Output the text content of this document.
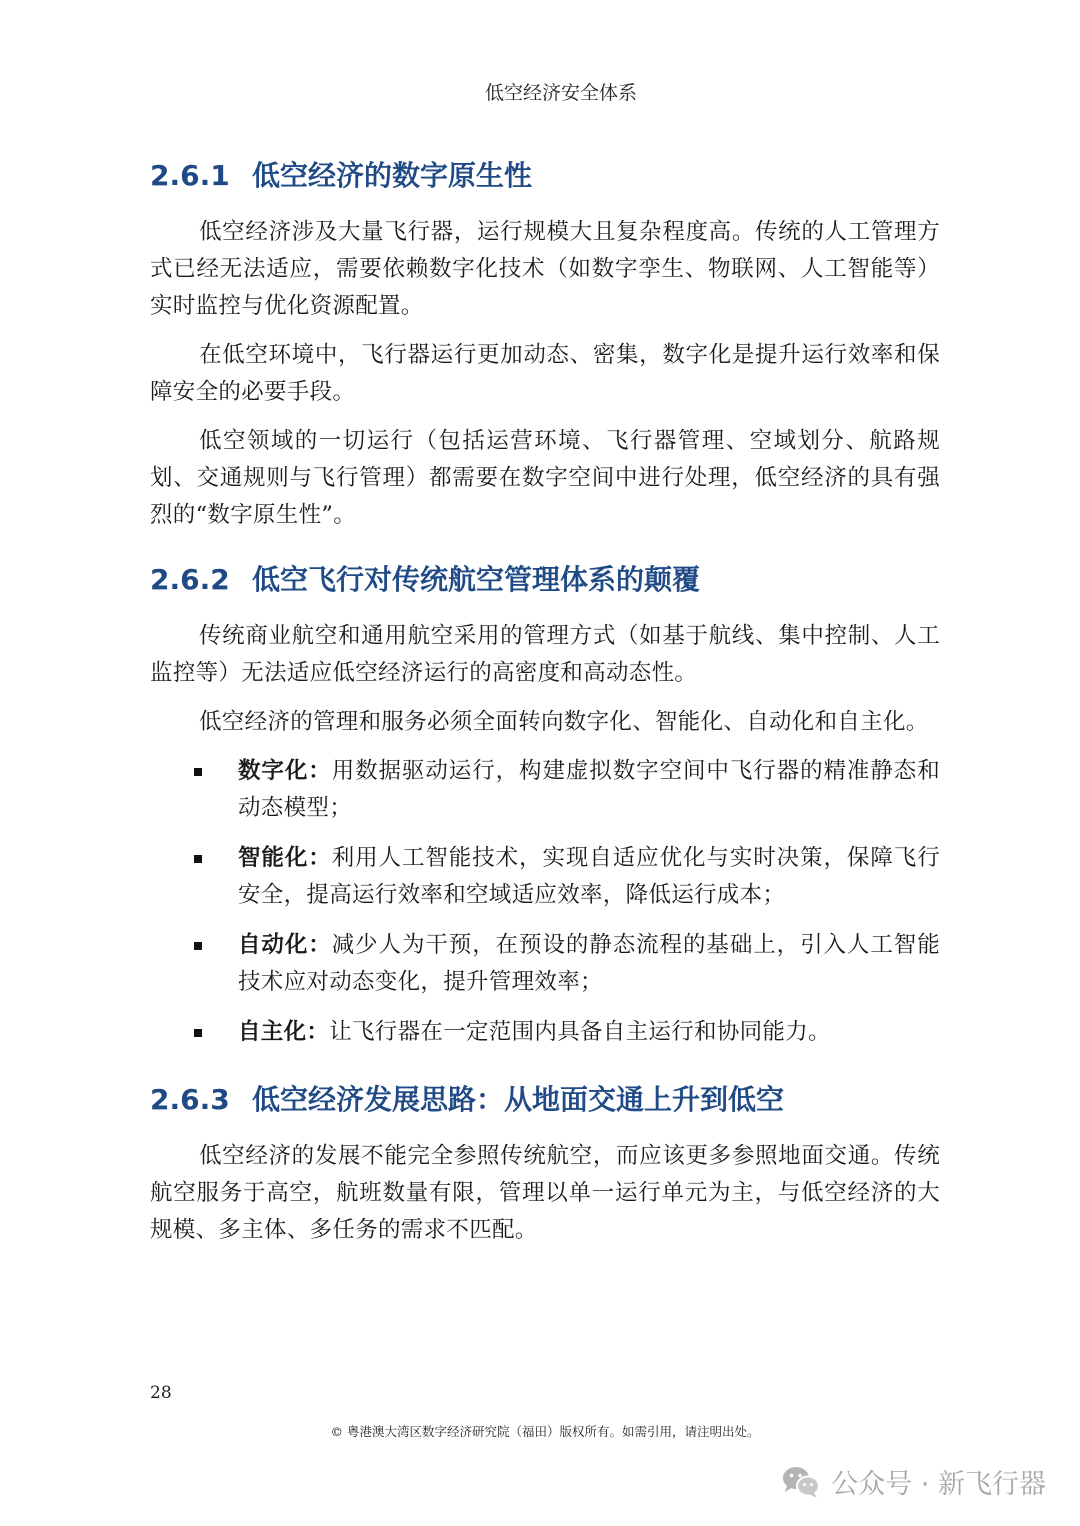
低空经济安全体系
2.6.1 低空经济的数字原生性

低空经济涉及大量飞行器，运行规模大且复杂程度高。传统的人工管理方式已经无法适应，需要依赖数字化技术（如数字孪生、物联网、人工智能等）实时监控与优化资源配置。

在低空环境中，飞行器运行更加动态、密集，数字化是提升运行效率和保障安全的必要手段。

低空领域的一切运行（包括运营环境、飞行器管理、空域划分、航路规划、交通规则与飞行管理）都需要在数字空间中进行处理，低空经济的具有强烈的“数字原生性”。

2.6.2 低空飞行对传统航空管理体系的颠覆

传统商业航空和通用航空采用的管理方式（如基于航线、集中控制、人工监控等）无法适应低空经济运行的高密度和高动态性。

低空经济的管理和服务必须全面转向数字化、智能化、自动化和自主化。

数字化：用数据驱动运行，构建虚拟数字空间中飞行器的精准静态和动态模型；
智能化：利用人工智能技术，实现自适应优化与实时决策，保障飞行安全，提高运行效率和空域适应效率，降低运行成本；
自动化：减少人为干预，在预设的静态流程的基础上，引入人工智能技术应对动态变化，提升管理效率；
自主化：让飞行器在一定范围内具备自主运行和协同能力。
2.6.3 低空经济发展思路：从地面交通上升到低空

低空经济的发展不能完全参照传统航空，而应该更多参照地面交通。传统航空服务于高空，航班数量有限，管理以单一运行单元为主，与低空经济的大规模、多主体、多任务的需求不匹配。

28
© 粤港澳大湾区数字经济研究院（福田）版权所有。如需引用，请注明出处。
公众号 · 新飞行器
